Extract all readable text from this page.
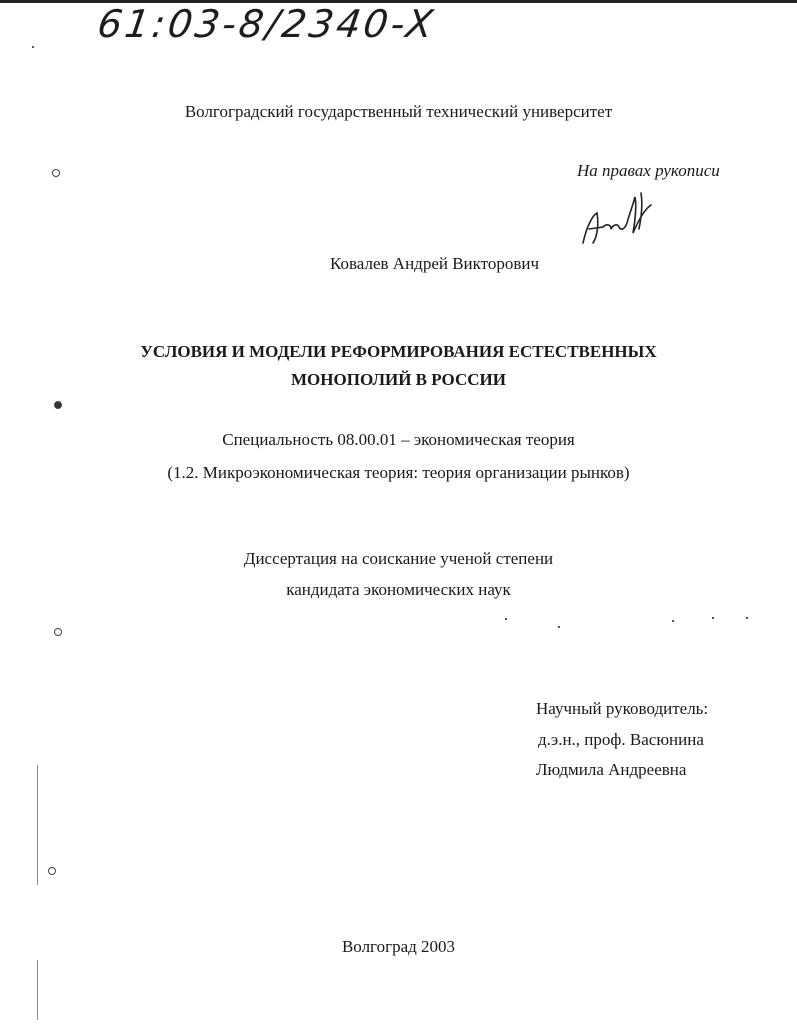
61:03-8/2340-X
Волгоградский государственный технический университет
На правах рукописи
Ковалев Андрей Викторович
УСЛОВИЯ И МОДЕЛИ РЕФОРМИРОВАНИЯ ЕСТЕСТВЕННЫХ
МОНОПОЛИЙ В РОССИИ
Специальность 08.00.01 – экономическая теория
(1.2. Микроэкономическая теория: теория организации рынков)
Диссертация на соискание ученой степени
кандидата экономических наук
Научный руководитель:
д.э.н., проф. Васюнина
Людмила Андреевна
Волгоград 2003
